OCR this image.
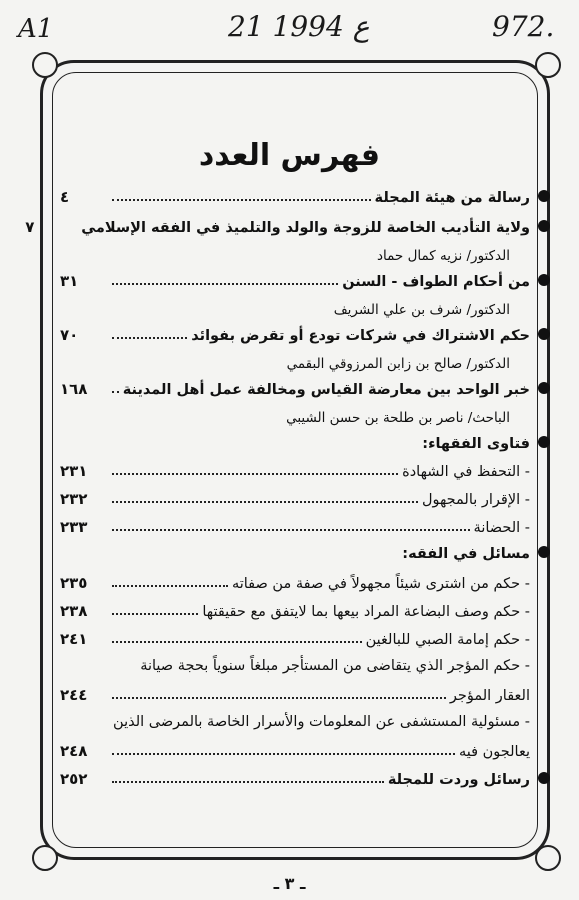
A1	21 ع 1994	972.
فهرس العدد
رسالة من هيئة المجلة
٤
ولاية التأديب الخاصة للزوجة والولد والتلميذ في الفقه الإسلامي
٧
الدكتور/ نزيه كمال حماد
من أحكام الطواف - السنن
٣١
الدكتور/ شرف بن علي الشريف
حكم الاشتراك في شركات تودع أو تقرض بفوائد
٧٠
الدكتور/ صالح بن زابن المرزوقي البقمي
خبر الواحد بين معارضة القياس ومخالفة عمل أهل المدينة
١٦٨
الباحث/ ناصر بن طلحة بن حسن الشيبي
فتاوى الفقهاء:
- التحفظ في الشهادة
٢٣١
- الإقرار بالمجهول
٢٣٢
- الحضانة
٢٣٣
مسائل في الفقه:
- حكم من اشترى شيئاً مجهولاً في صفة من صفاته
٢٣٥
- حكم وصف البضاعة المراد بيعها بما لايتفق مع حقيقتها
٢٣٨
- حكم إمامة الصبي للبالغين
٢٤١
- حكم المؤجر الذي يتقاضى من المستأجر مبلغاً سنوياً بحجة صيانة
العقار المؤجر
٢٤٤
- مسئولية المستشفى عن المعلومات والأسرار الخاصة بالمرضى الذين
يعالجون فيه
٢٤٨
رسائل وردت للمجلة
٢٥٢
ـ ٣ ـ
